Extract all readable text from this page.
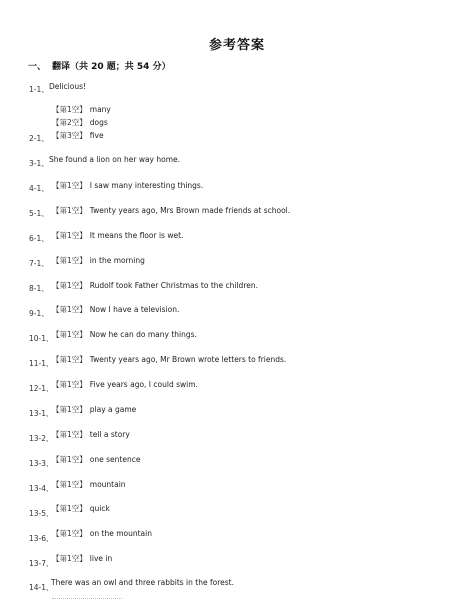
参考答案
一、 翻译（共 20 题；共 54 分）
1-1、 Delicious!
【第1空】 many
【第2空】 dogs
2-1、 【第3空】 five
3-1、 She found a lion on her way home.
4-1、 【第1空】 I saw many interesting things.
5-1、 【第1空】 Twenty years ago, Mrs Brown made friends at school.
6-1、 【第1空】 It means the floor is wet.
7-1、 【第1空】 in the morning
8-1、 【第1空】 Rudolf took Father Christmas to the children.
9-1、 【第1空】 Now I have a television.
10-1、
【第1空】 Now he can do many things.
11-1、
【第1空】 Twenty years ago, Mr Brown wrote letters to friends.
12-1、
【第1空】 Five years ago, I could swim.
13-1、
【第1空】 play a game
13-2、
【第1空】 tell a story
13-3、
【第1空】 one sentence
13-4、
【第1空】 mountain
13-5、
【第1空】 quick
13-6、
【第1空】 on the mountain
13-7、
【第1空】 live in
14-1、
There was an owl and three rabbits in the forest.
